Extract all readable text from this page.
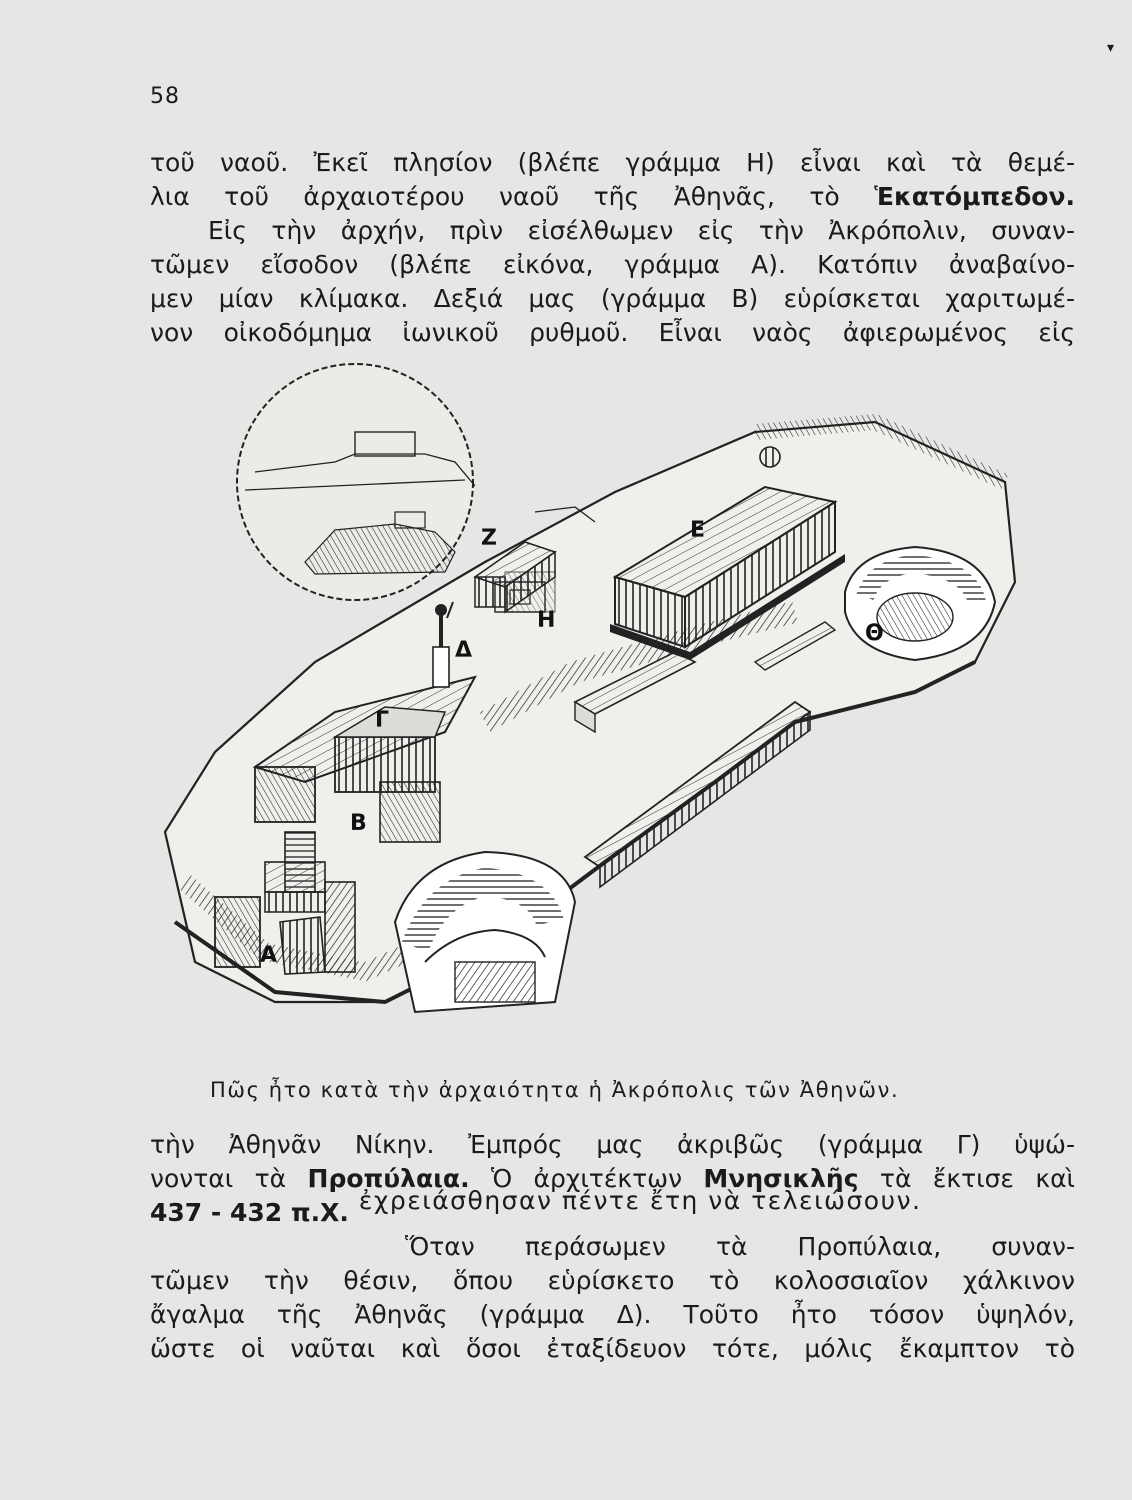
58
▾
τοῦ ναοῦ. Ἐκεῖ πλησίον (βλέπε γράμμα Η) εἶναι καὶ τὰ θεμέ-
λια τοῦ ἀρχαιοτέρου ναοῦ τῆς Ἀθηνᾶς, τὸ Ἑκατόμπεδον.
Εἰς τὴν ἀρχήν, πρὶν εἰσέλθωμεν εἰς τὴν Ἀκρόπολιν, συναν-
τῶμεν εἴσοδον (βλέπε εἰκόνα, γράμμα Α). Κατόπιν ἀναβαίνο-
μεν μίαν κλίμακα. Δεξιά μας (γράμμα Β) εὑρίσκεται χαριτωμέ-
νον οἰκοδόμημα ἰωνικοῦ ρυθμοῦ. Εἶναι ναὸς ἀφιερωμένος εἰς
Α
Β
Γ
Δ
Ε
Ζ
Η
Θ
Πῶς ἦτο κατὰ τὴν ἀρχαιότητα ἡ Ἀκρόπολις τῶν Ἀθηνῶν.
τὴν Ἀθηνᾶν Νίκην. Ἐμπρός μας ἀκριβῶς (γράμμα Γ) ὑψώ-
νονται τὰ Προπύλαια. Ὁ ἀρχιτέκτων Μνησικλῆς τὰ ἔκτισε καὶ
437 - 432 π.Χ. ἐχρειάσθησαν πέντε ἔτη νὰ τελειώσουν.
Ὅταν περάσωμεν τὰ Προπύλαια, συναν-
τῶμεν τὴν θέσιν, ὅπου εὑρίσκετο τὸ κολοσσιαῖον χάλκινον
ἄγαλμα τῆς Ἀθηνᾶς (γράμμα Δ). Τοῦτο ἦτο τόσον ὑψηλόν,
ὥστε οἱ ναῦται καὶ ὅσοι ἐταξίδευον τότε, μόλις ἔκαμπτον τὸ
